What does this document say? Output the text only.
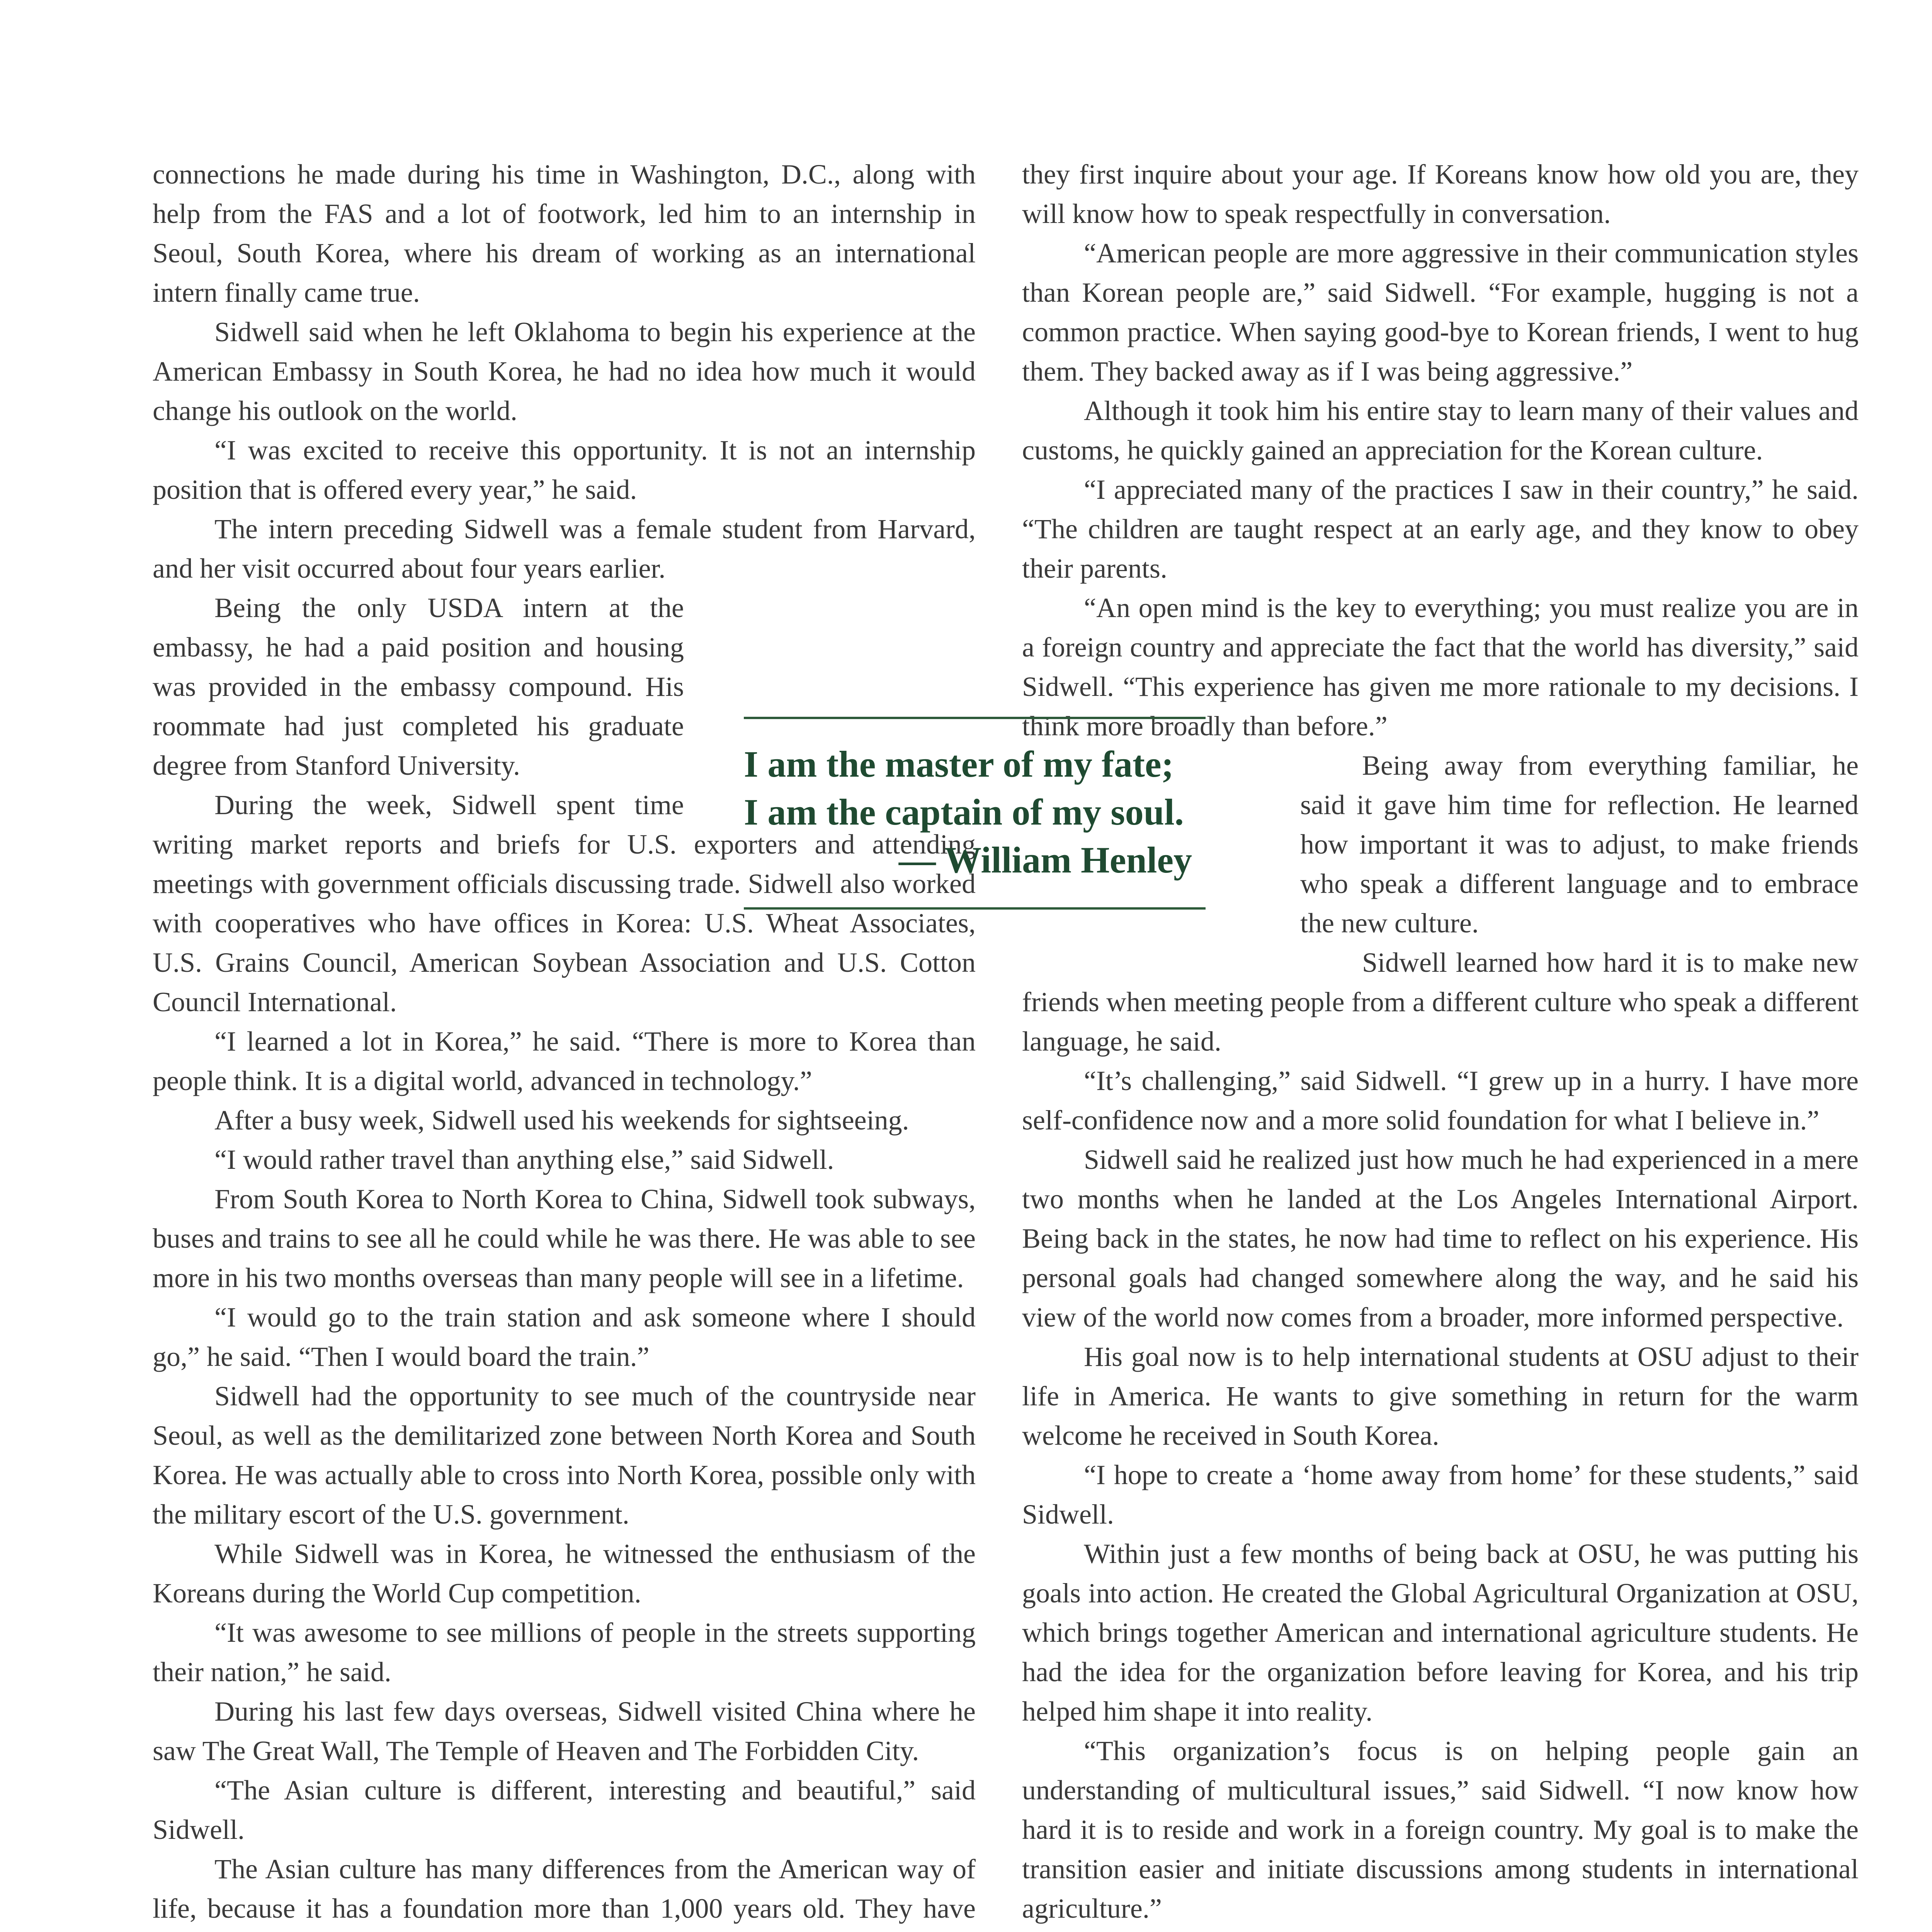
connections he made during his time in Washington, D.C., along with help from the FAS and a lot of footwork, led him to an internship in Seoul, South Korea, where his dream of working as an international intern finally came true.

Sidwell said when he left Oklahoma to begin his experience at the American Embassy in South Korea, he had no idea how much it would change his outlook on the world.

“I was excited to receive this opportunity. It is not an internship position that is offered every year,” he said.

The intern preceding Sidwell was a female student from Harvard, and her visit occurred about four years earlier.

Being the only USDA intern at the embassy, he had a paid position and housing was provided in the embassy compound. His roommate had just completed his graduate degree from Stanford University.

During the week, Sidwell spent time writing market reports and briefs for U.S. exporters and attending meetings with government officials discussing trade. Sidwell also worked with cooperatives who have offices in Korea: U.S. Wheat Associates, U.S. Grains Council, American Soybean Association and U.S. Cotton Council International.

“I learned a lot in Korea,” he said. “There is more to Korea than people think. It is a digital world, advanced in technology.”

After a busy week, Sidwell used his weekends for sightseeing.

“I would rather travel than anything else,” said Sidwell.

From South Korea to North Korea to China, Sidwell took subways, buses and trains to see all he could while he was there. He was able to see more in his two months overseas than many people will see in a lifetime.

“I would go to the train station and ask someone where I should go,” he said. “Then I would board the train.”

Sidwell had the opportunity to see much of the countryside near Seoul, as well as the demilitarized zone between North Korea and South Korea. He was actually able to cross into North Korea, possible only with the military escort of the U.S. government.

While Sidwell was in Korea, he witnessed the enthusiasm of the Koreans during the World Cup competition.

“It was awesome to see millions of people in the streets supporting their nation,” he said.

During his last few days overseas, Sidwell visited China where he saw The Great Wall, The Temple of Heaven and The Forbidden City.

“The Asian culture is different, interesting and beautiful,” said Sidwell.

The Asian culture has many differences from the American way of life, because it has a foundation more than 1,000 years old. They have

they first inquire about your age. If Koreans know how old you are, they will know how to speak respectfully in conversation.

“American people are more aggressive in their communication styles than Korean people are,” said Sidwell. “For example, hugging is not a common practice. When saying good-bye to Korean friends, I went to hug them. They backed away as if I was being aggressive.”

Although it took him his entire stay to learn many of their values and customs, he quickly gained an appreciation for the Korean culture.

“I appreciated many of the practices I saw in their country,” he said. “The children are taught respect at an early age, and they know to obey their parents.

“An open mind is the key to everything; you must realize you are in a foreign country and appreciate the fact that the world has diversity,” said Sidwell. “This experience has given me more rationale to my decisions. I think more broadly than before.”

Being away from everything familiar, he said it gave him time for reflection. He learned how important it was to adjust, to make friends who speak a different language and to embrace the new culture.

Sidwell learned how hard it is to make new friends when meeting people from a different culture who speak a different language, he said.

“It’s challenging,” said Sidwell. “I grew up in a hurry. I have more self-confidence now and a more solid foundation for what I believe in.”

Sidwell said he realized just how much he had experienced in a mere two months when he landed at the Los Angeles International Airport. Being back in the states, he now had time to reflect on his experience. His personal goals had changed somewhere along the way, and he said his view of the world now comes from a broader, more informed perspective.

His goal now is to help international students at OSU adjust to their life in America. He wants to give something in return for the warm welcome he received in South Korea.

“I hope to create a ‘home away from home’ for these students,” said Sidwell.

Within just a few months of being back at OSU, he was putting his goals into action. He created the Global Agricultural Organization at OSU, which brings together American and international agriculture students. He had the idea for the organization before leaving for Korea, and his trip helped him shape it into reality.

“This organization’s focus is on helping people gain an understanding of multicultural issues,” said Sidwell. “I now know how hard it is to reside and work in a foreign country. My goal is to make the transition easier and initiate discussions among students in international agriculture.”

I am the master of my fate;
I am the captain of my soul.
— William Henley
